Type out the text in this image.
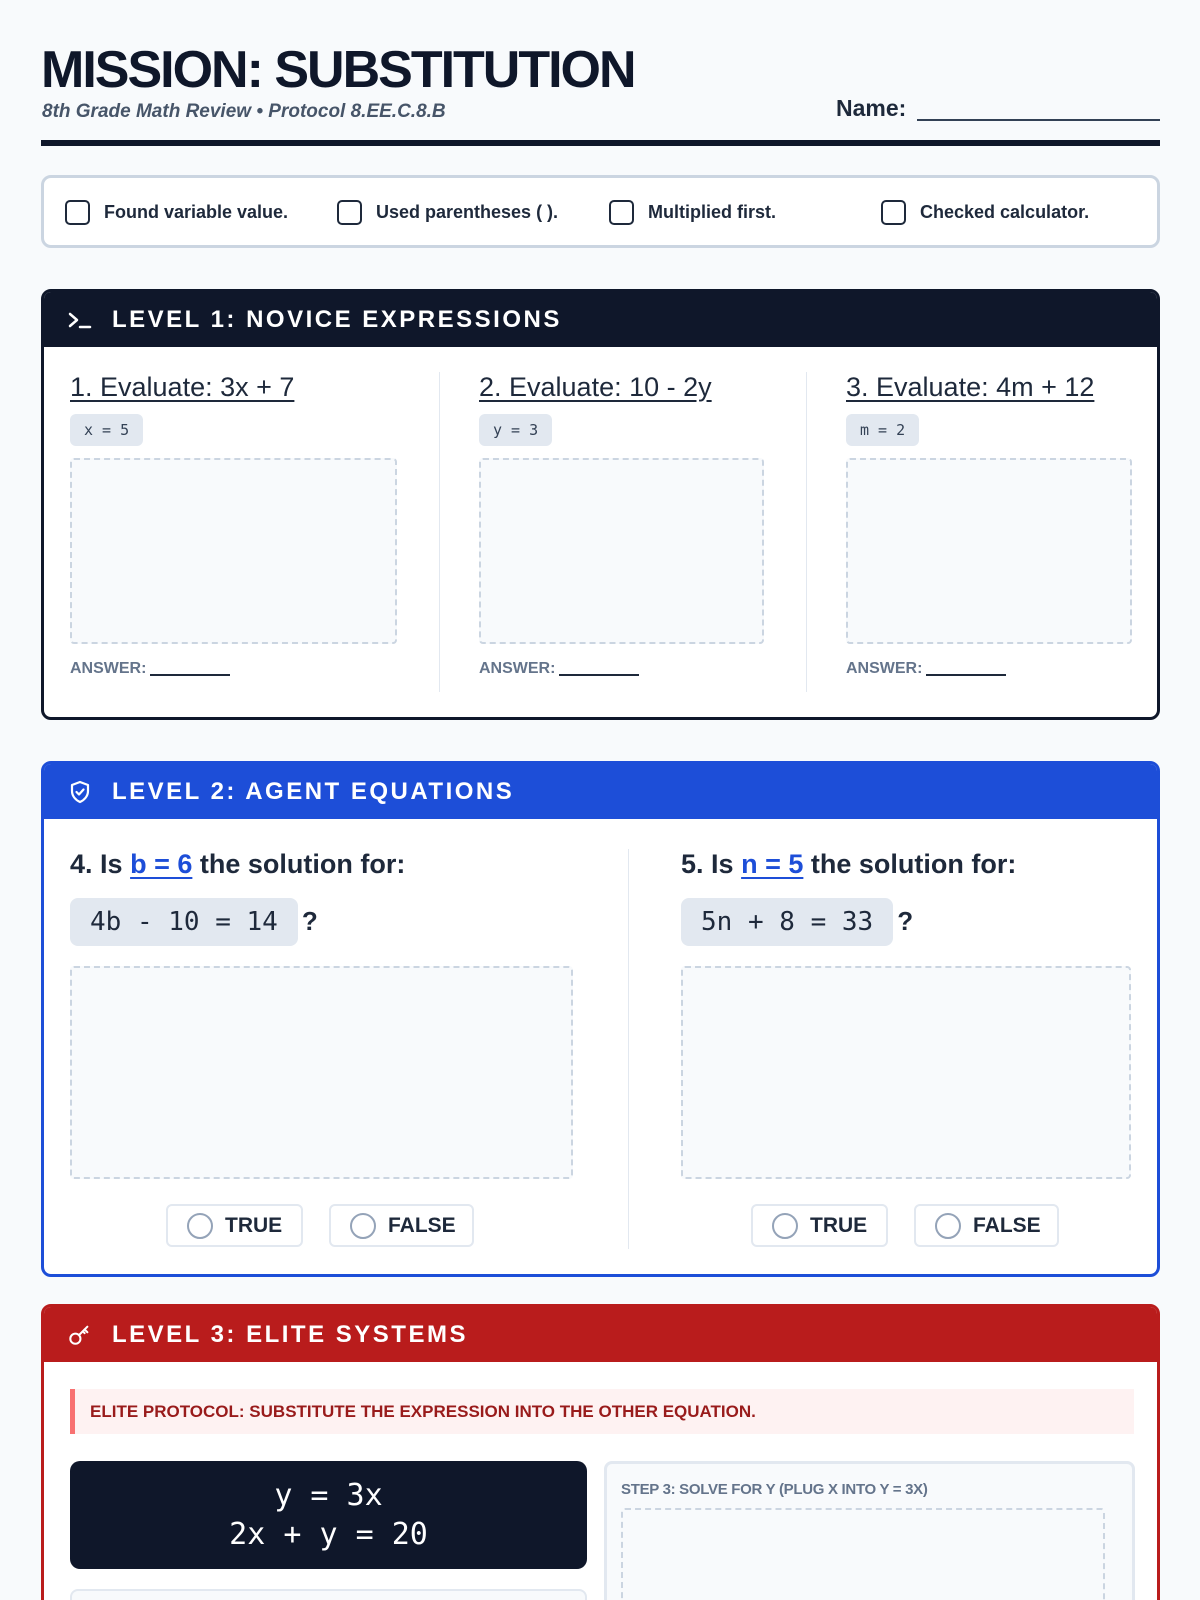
MISSION: SUBSTITUTION
8th Grade Math Review • Protocol 8.EE.C.8.B	Name:
Found variable value.	Used parentheses ( ).	Multiplied first.	Checked calculator.
LEVEL 1: NOVICE EXPRESSIONS
1. Evaluate: 3x + 7
x = 5
ANSWER:
2. Evaluate: 10 - 2y
y = 3
ANSWER:
3. Evaluate: 4m + 12
m = 2
ANSWER:
LEVEL 2: AGENT EQUATIONS
4. Is b = 6 the solution for:
4b - 10 = 14 ?
TRUE	FALSE
5. Is n = 5 the solution for:
5n + 8 = 33 ?
TRUE	FALSE
LEVEL 3: ELITE SYSTEMS
ELITE PROTOCOL: SUBSTITUTE THE EXPRESSION INTO THE OTHER EQUATION.
y = 3x
2x + y = 20
STEP 3: SOLVE FOR Y (PLUG X INTO Y = 3X)
